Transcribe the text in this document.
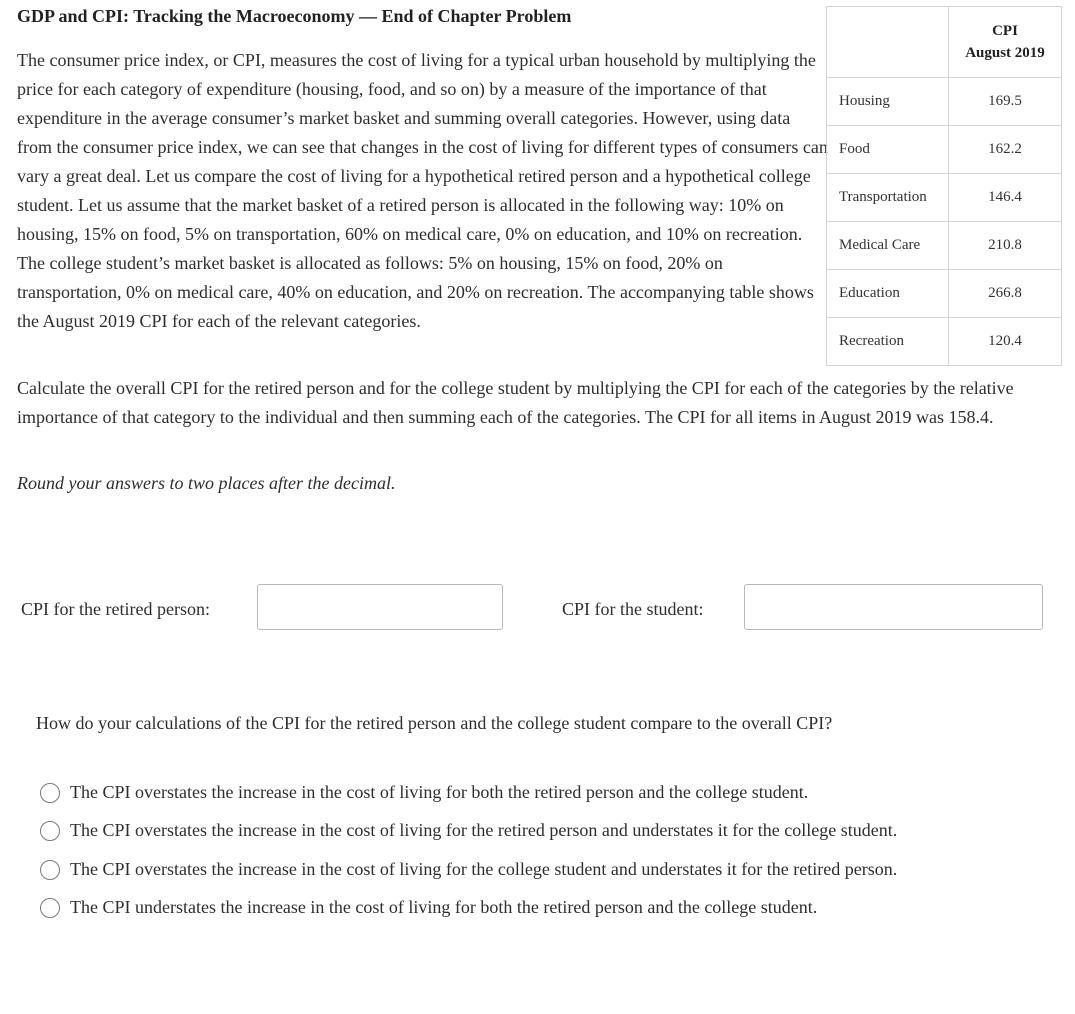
GDP and CPI: Tracking the Macroeconomy — End of Chapter Problem
The consumer price index, or CPI, measures the cost of living for a typical urban household by multiplying the price for each category of expenditure (housing, food, and so on) by a measure of the importance of that expenditure in the average consumer’s market basket and summing overall categories. However, using data from the consumer price index, we can see that changes in the cost of living for different types of consumers can vary a great deal. Let us compare the cost of living for a hypothetical retired person and a hypothetical college student. Let us assume that the market basket of a retired person is allocated in the following way: 10% on housing, 15% on food, 5% on transportation, 60% on medical care, 0% on education, and 10% on recreation. The college student’s market basket is allocated as follows: 5% on housing, 15% on food, 20% on transportation, 0% on medical care, 40% on education, and 20% on recreation. The accompanying table shows the August 2019 CPI for each of the relevant categories.

	CPI
August 2019

Housing	169.5
Food	162.2
Transportation	146.4
Medical Care	210.8
Education	266.8
Recreation	120.4
Calculate the overall CPI for the retired person and for the college student by multiplying the CPI for each of the categories by the relative importance of that category to the individual and then summing each of the categories. The CPI for all items in August 2019 was 158.4.
Round your answers to two places after the decimal.
CPI for the retired person:	CPI for the student:
How do your calculations of the CPI for the retired person and the college student compare to the overall CPI?
The CPI overstates the increase in the cost of living for both the retired person and the college student.
The CPI overstates the increase in the cost of living for the retired person and understates it for the college student.
The CPI overstates the increase in the cost of living for the college student and understates it for the retired person.
The CPI understates the increase in the cost of living for both the retired person and the college student.
